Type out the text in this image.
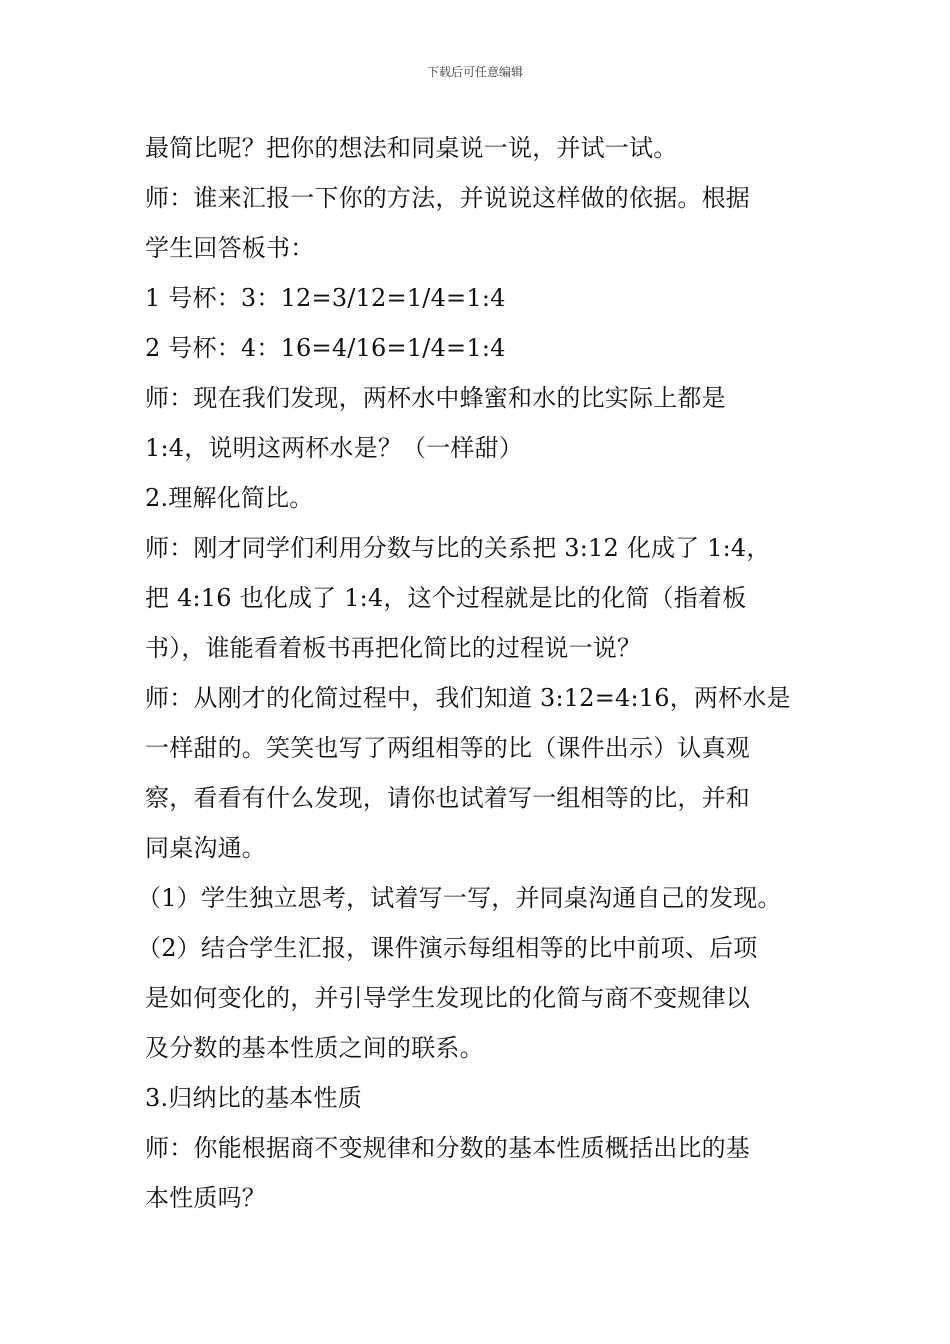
下载后可任意编辑
最简比呢？把你的想法和同桌说一说，并试一试。
师：谁来汇报一下你的方法，并说说这样做的依据。根据
学生回答板书：
1 号杯：3：12=3/12=1/4=1:4
2 号杯：4：16=4/16=1/4=1:4
师：现在我们发现，两杯水中蜂蜜和水的比实际上都是
1:4，说明这两杯水是？（一样甜）
2.理解化简比。
师：刚才同学们利用分数与比的关系把 3:12 化成了 1:4，
把 4:16 也化成了 1:4，这个过程就是比的化简（指着板
书），谁能看着板书再把化简比的过程说一说？
师：从刚才的化简过程中，我们知道 3:12=4:16，两杯水是
一样甜的。笑笑也写了两组相等的比（课件出示）认真观
察，看看有什么发现，请你也试着写一组相等的比，并和
同桌沟通。
（1）学生独立思考，试着写一写，并同桌沟通自己的发现。
（2）结合学生汇报，课件演示每组相等的比中前项、后项
是如何变化的，并引导学生发现比的化简与商不变规律以
及分数的基本性质之间的联系。
3.归纳比的基本性质
师：你能根据商不变规律和分数的基本性质概括出比的基
本性质吗？
